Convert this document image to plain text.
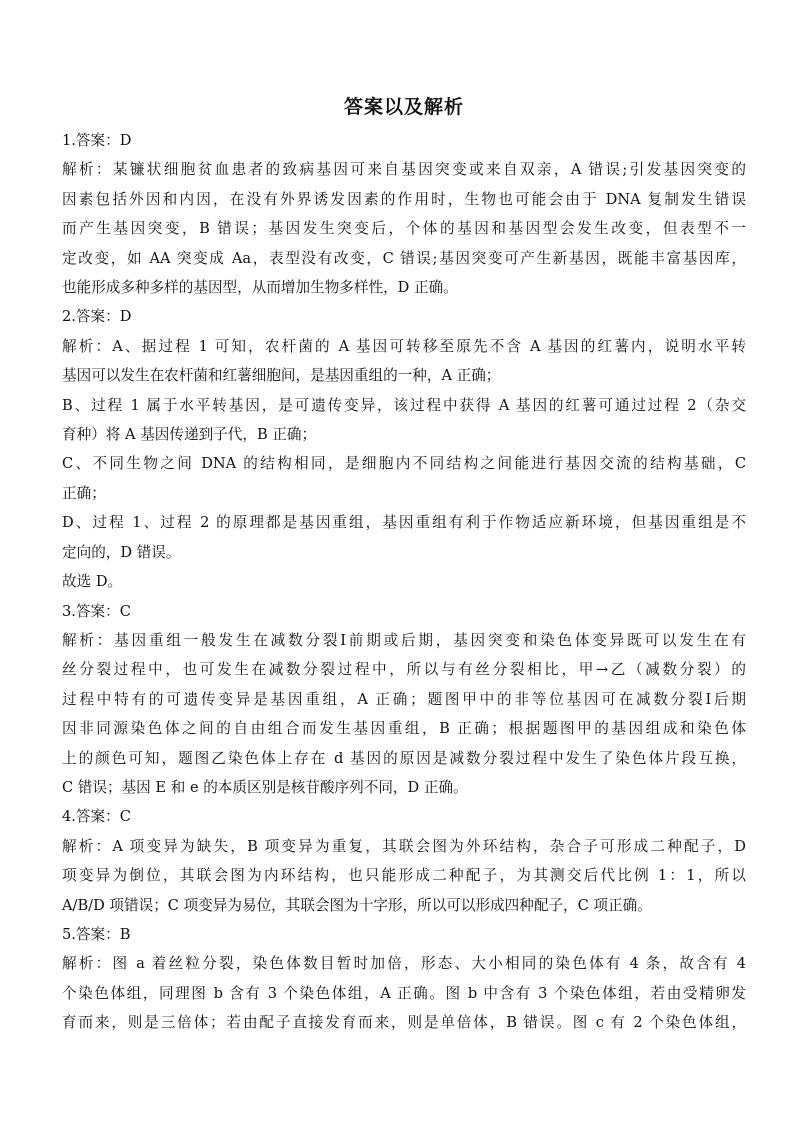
答案以及解析
1.答案：D
解析：某镰状细胞贫血患者的致病基因可来自基因突变或来自双亲，A 错误;引发基因突变的
因素包括外因和内因，在没有外界诱发因素的作用时，生物也可能会由于 DNA 复制发生错误
而产生基因突变，B 错误；基因发生突变后，个体的基因和基因型会发生改变，但表型不一
定改变，如 AA 突变成 Aa，表型没有改变，C 错误;基因突变可产生新基因，既能丰富基因库，
也能形成多种多样的基因型，从而增加生物多样性，D 正确。
2.答案：D
解析：A、据过程 1 可知，农杆菌的 A 基因可转移至原先不含 A 基因的红薯内，说明水平转
基因可以发生在农杆菌和红薯细胞间，是基因重组的一种，A 正确；
B、过程 1 属于水平转基因，是可遗传变异，该过程中获得 A 基因的红薯可通过过程 2（杂交
育种）将 A 基因传递到子代，B 正确；
C、不同生物之间 DNA 的结构相同，是细胞内不同结构之间能进行基因交流的结构基础，C
正确；
D、过程 1、过程 2 的原理都是基因重组，基因重组有利于作物适应新环境，但基因重组是不
定向的，D 错误。
故选 D。
3.答案：C
解析：基因重组一般发生在减数分裂Ⅰ前期或后期，基因突变和染色体变异既可以发生在有
丝分裂过程中，也可发生在减数分裂过程中，所以与有丝分裂相比，甲→乙（减数分裂）的
过程中特有的可遗传变异是基因重组，A 正确；题图甲中的非等位基因可在减数分裂Ⅰ后期
因非同源染色体之间的自由组合而发生基因重组，B 正确；根据题图甲的基因组成和染色体
上的颜色可知，题图乙染色体上存在 d 基因的原因是减数分裂过程中发生了染色体片段互换，
C 错误；基因 E 和 e 的本质区别是核苷酸序列不同，D 正确。
4.答案：C
解析：A 项变异为缺失，B 项变异为重复，其联会图为外环结构，杂合子可形成二种配子，D
项变异为倒位，其联会图为内环结构，也只能形成二种配子，为其测交后代比例 1：1，所以
A/B/D 项错误；C 项变异为易位，其联会图为十字形，所以可以形成四种配子，C 项正确。
5.答案：B
解析：图 a 着丝粒分裂，染色体数目暂时加倍，形态、大小相同的染色体有 4 条，故含有 4
个染色体组，同理图 b 含有 3 个染色体组，A 正确。图 b 中含有 3 个染色体组，若由受精卵发
育而来，则是三倍体；若由配子直接发育而来，则是单倍体，B 错误。图 c 有 2 个染色体组，
